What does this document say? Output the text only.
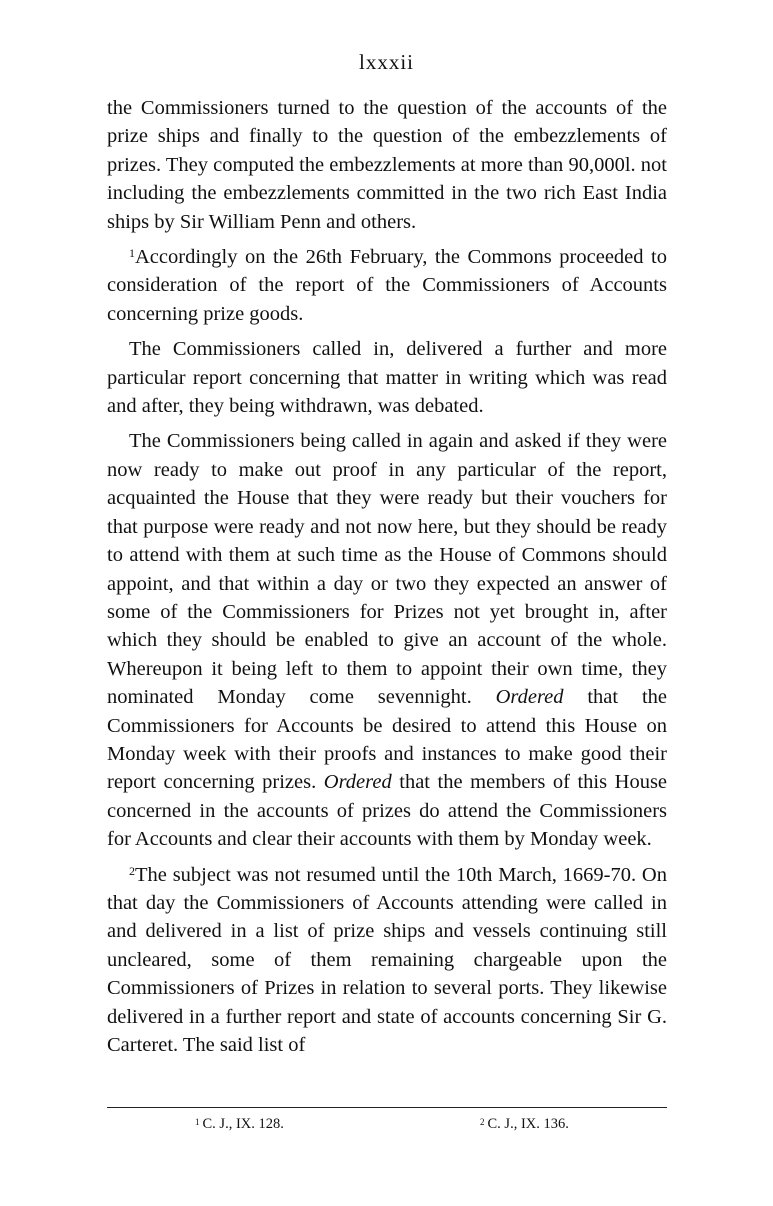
lxxxii

the Commissioners turned to the question of the accounts of the prize ships and finally to the question of the embezzlements of prizes. They computed the embezzlements at more than 90,000l. not including the embezzlements committed in the two rich East India ships by Sir William Penn and others.

$^1$Accordingly on the 26th February, the Commons proceeded to consideration of the report of the Commissioners of Accounts concerning prize goods.

The Commissioners called in, delivered a further and more particular report concerning that matter in writing which was read and after, they being withdrawn, was debated.

The Commissioners being called in again and asked if they were now ready to make out proof in any particular of the report, acquainted the House that they were ready but their vouchers for that purpose were ready and not now here, but they should be ready to attend with them at such time as the House of Commons should appoint, and that within a day or two they expected an answer of some of the Commissioners for Prizes not yet brought in, after which they should be enabled to give an account of the whole. Whereupon it being left to them to appoint their own time, they nominated Monday come sevennight. Ordered that the Commissioners for Accounts be desired to attend this House on Monday week with their proofs and instances to make good their report concerning prizes. Ordered that the members of this House concerned in the accounts of prizes do attend the Commissioners for Accounts and clear their accounts with them by Monday week.

$^2$The subject was not resumed until the 10th March, 1669-70. On that day the Commissioners of Accounts attending were called in and delivered in a list of prize ships and vessels continuing still uncleared, some of them remaining chargeable upon the Commissioners of Prizes in relation to several ports. They likewise delivered in a further report and state of accounts concerning Sir G. Carteret. The said list of

$^1$ C. J., IX. 128.	$^2$ C. J., IX. 136.
